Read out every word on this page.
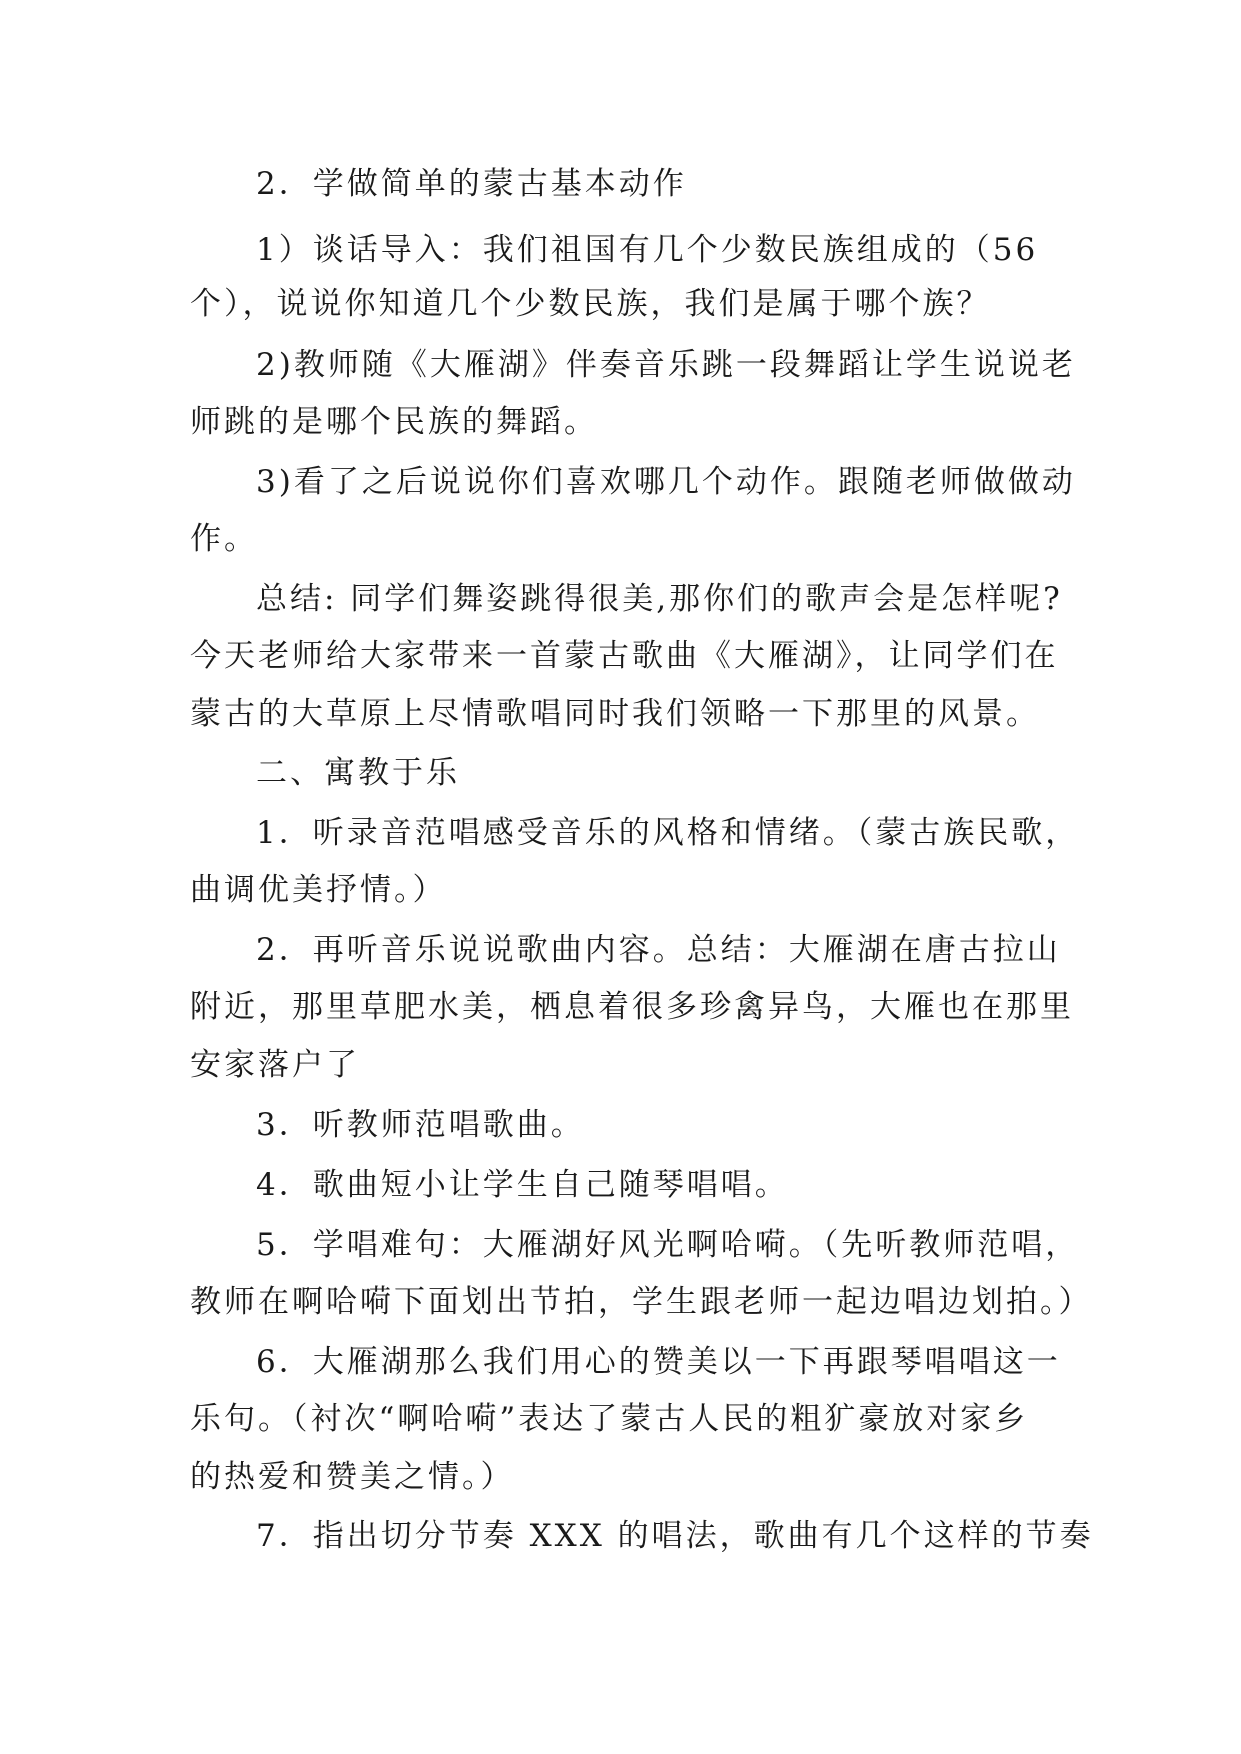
2．学做简单的蒙古基本动作
1）谈话导入：我们祖国有几个少数民族组成的（56
个），说说你知道几个少数民族，我们是属于哪个族？
2)教师随《大雁湖》伴奏音乐跳一段舞蹈让学生说说老
师跳的是哪个民族的舞蹈。
3)看了之后说说你们喜欢哪几个动作。跟随老师做做动
作。
总结: 同学们舞姿跳得很美,那你们的歌声会是怎样呢?
今天老师给大家带来一首蒙古歌曲《大雁湖》，让同学们在
蒙古的大草原上尽情歌唱同时我们领略一下那里的风景。
二、寓教于乐
1．听录音范唱感受音乐的风格和情绪。（蒙古族民歌，
曲调优美抒情。）
2．再听音乐说说歌曲内容。总结：大雁湖在唐古拉山
附近，那里草肥水美，栖息着很多珍禽异鸟，大雁也在那里
安家落户了
3．听教师范唱歌曲。
4．歌曲短小让学生自己随琴唱唱。
5．学唱难句：大雁湖好风光啊哈嗬。（先听教师范唱，
教师在啊哈嗬下面划出节拍，学生跟老师一起边唱边划拍。）
6．大雁湖那么我们用心的赞美以一下再跟琴唱唱这一
乐句。（衬次“啊哈嗬”表达了蒙古人民的粗犷豪放对家乡
的热爱和赞美之情。）
7．指出切分节奏 XXX 的唱法，歌曲有几个这样的节奏
